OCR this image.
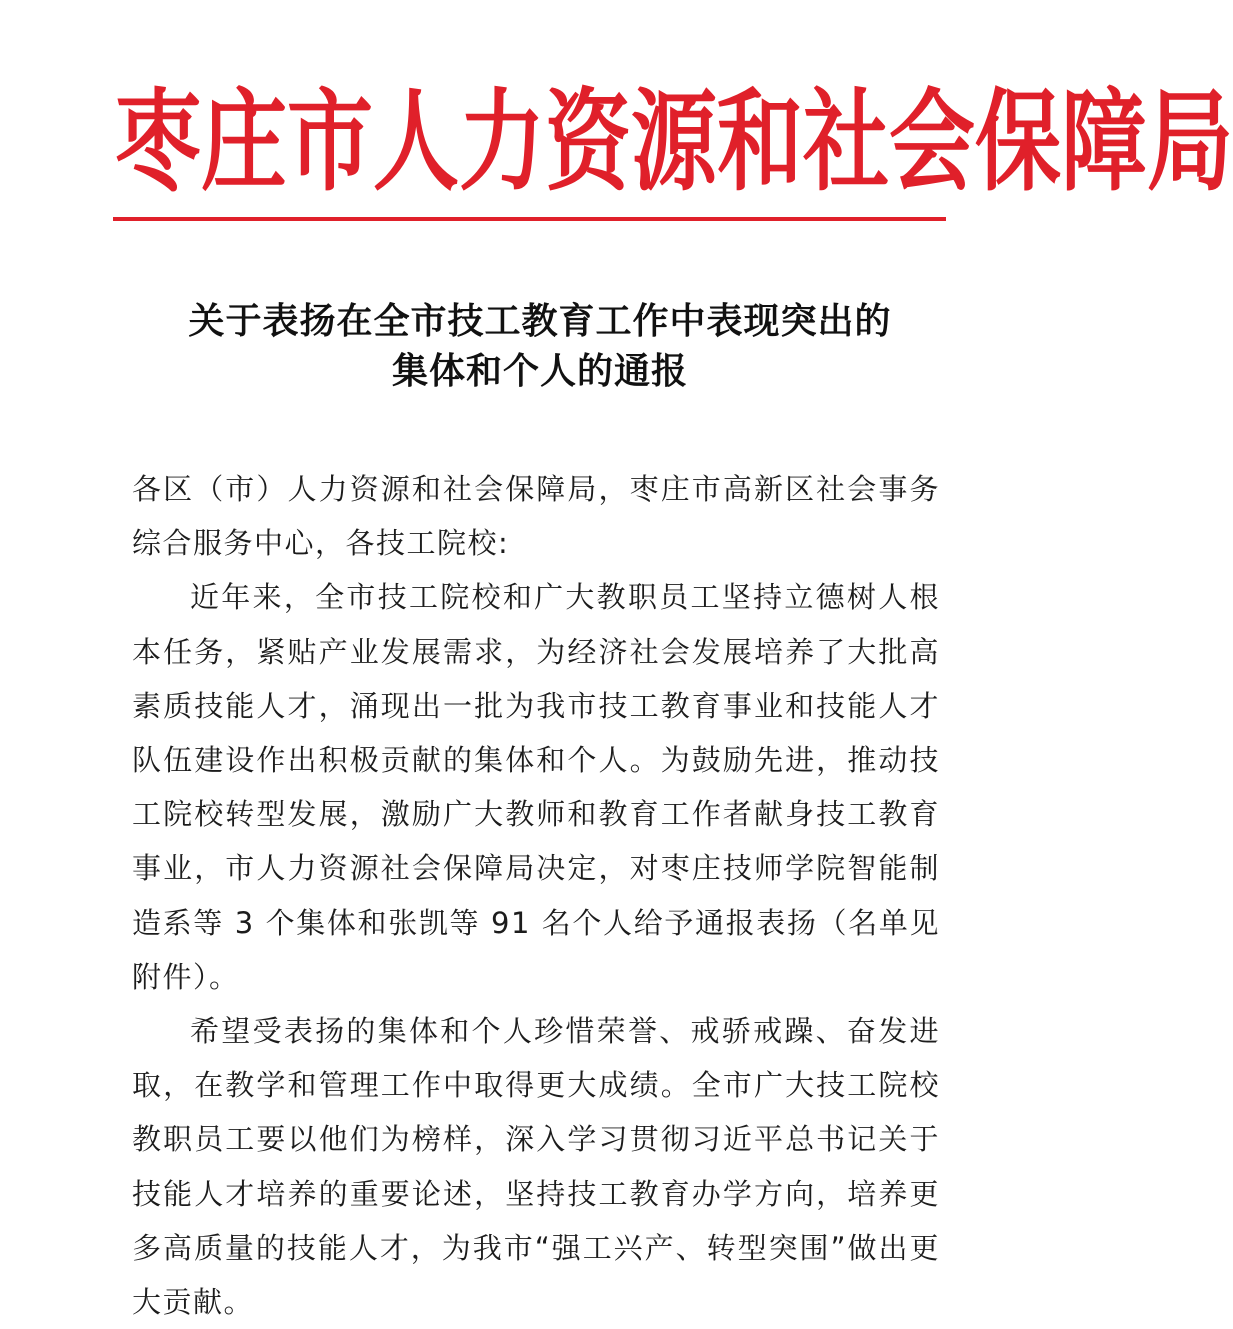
枣 庄 市 人 力 资 源 和 社 会 保 障 局
关于表扬在全市技工教育工作中表现突出的
集体和个人的通报

各区（市）人力资源和社会保障局，枣庄市高新区社会事务综合服务中心，各技工院校:

近年来，全市技工院校和广大教职员工坚持立德树人根本任务，紧贴产业发展需求，为经济社会发展培养了大批高素质技能人才，涌现出一批为我市技工教育事业和技能人才队伍建设作出积极贡献的集体和个人。为鼓励先进，推动技工院校转型发展，激励广大教师和教育工作者献身技工教育事业，市人力资源社会保障局决定，对枣庄技师学院智能制造系等 3 个集体和张凯等 91 名个人给予通报表扬（名单见附件）。

希望受表扬的集体和个人珍惜荣誉、戒骄戒躁、奋发进取，在教学和管理工作中取得更大成绩。全市广大技工院校教职员工要以他们为榜样，深入学习贯彻习近平总书记关于技能人才培养的重要论述，坚持技工教育办学方向，培养更多高质量的技能人才，为我市“强工兴产、转型突围”做出更大贡献。
